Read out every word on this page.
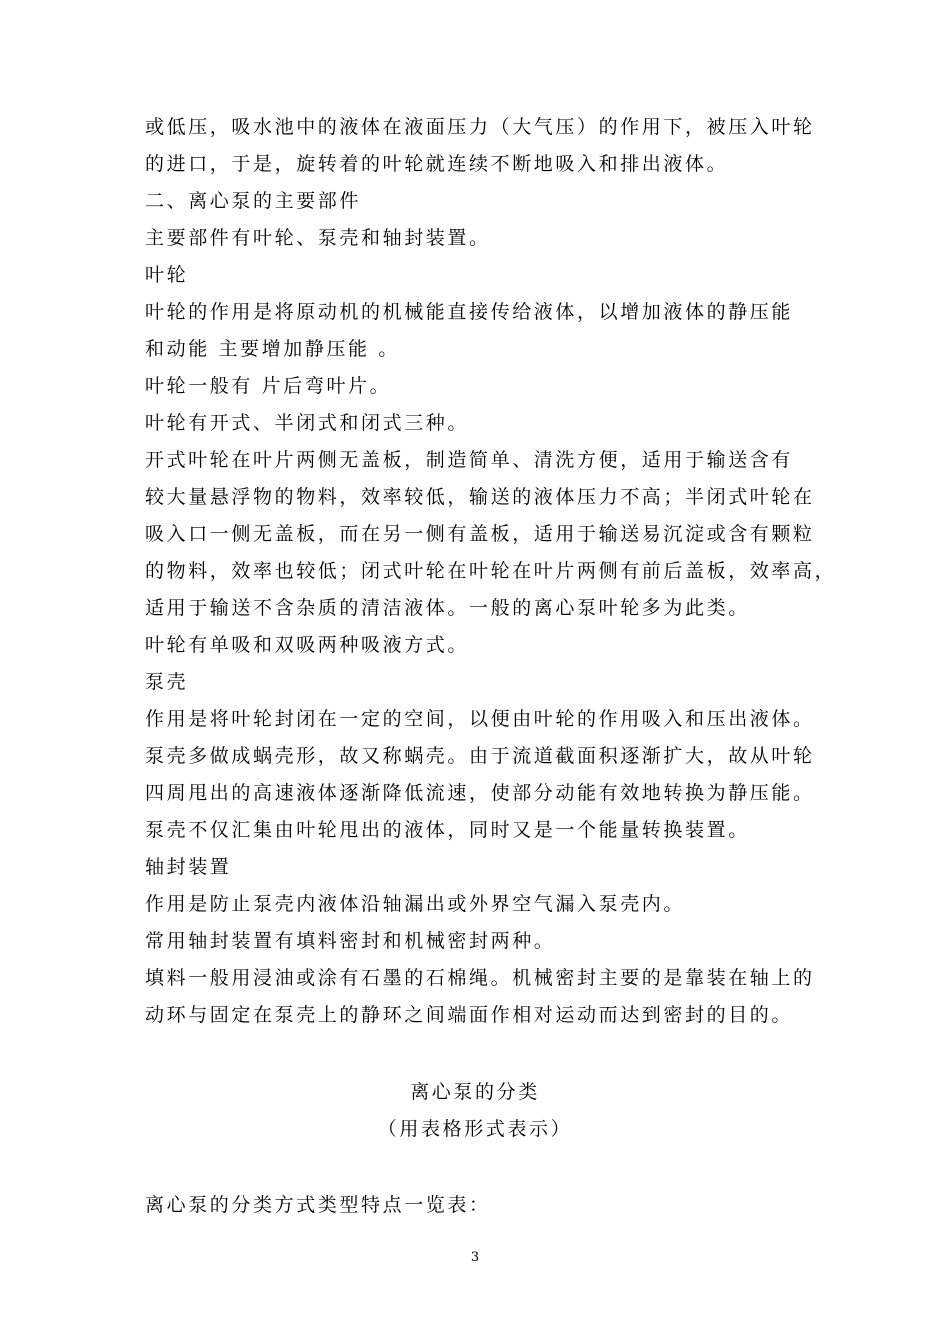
或低压，吸水池中的液体在液面压力（大气压）的作用下，被压入叶轮
的进口，于是，旋转着的叶轮就连续不断地吸入和排出液体。
二、离心泵的主要部件
主要部件有叶轮、泵壳和轴封装置。
叶轮
叶轮的作用是将原动机的机械能直接传给液体，以增加液体的静压能
和动能 主要增加静压能 。
叶轮一般有 片后弯叶片。
叶轮有开式、半闭式和闭式三种。
开式叶轮在叶片两侧无盖板，制造简单、清洗方便，适用于输送含有
较大量悬浮物的物料，效率较低，输送的液体压力不高；半闭式叶轮在
吸入口一侧无盖板，而在另一侧有盖板，适用于输送易沉淀或含有颗粒
的物料，效率也较低；闭式叶轮在叶轮在叶片两侧有前后盖板，效率高，
适用于输送不含杂质的清洁液体。一般的离心泵叶轮多为此类。
叶轮有单吸和双吸两种吸液方式。
泵壳
作用是将叶轮封闭在一定的空间，以便由叶轮的作用吸入和压出液体。
泵壳多做成蜗壳形，故又称蜗壳。由于流道截面积逐渐扩大，故从叶轮
四周甩出的高速液体逐渐降低流速，使部分动能有效地转换为静压能。
泵壳不仅汇集由叶轮甩出的液体，同时又是一个能量转换装置。
轴封装置
作用是防止泵壳内液体沿轴漏出或外界空气漏入泵壳内。
常用轴封装置有填料密封和机械密封两种。
填料一般用浸油或涂有石墨的石棉绳。机械密封主要的是靠装在轴上的
动环与固定在泵壳上的静环之间端面作相对运动而达到密封的目的。
离心泵的分类
（用表格形式表示）
离心泵的分类方式类型特点一览表：
3
